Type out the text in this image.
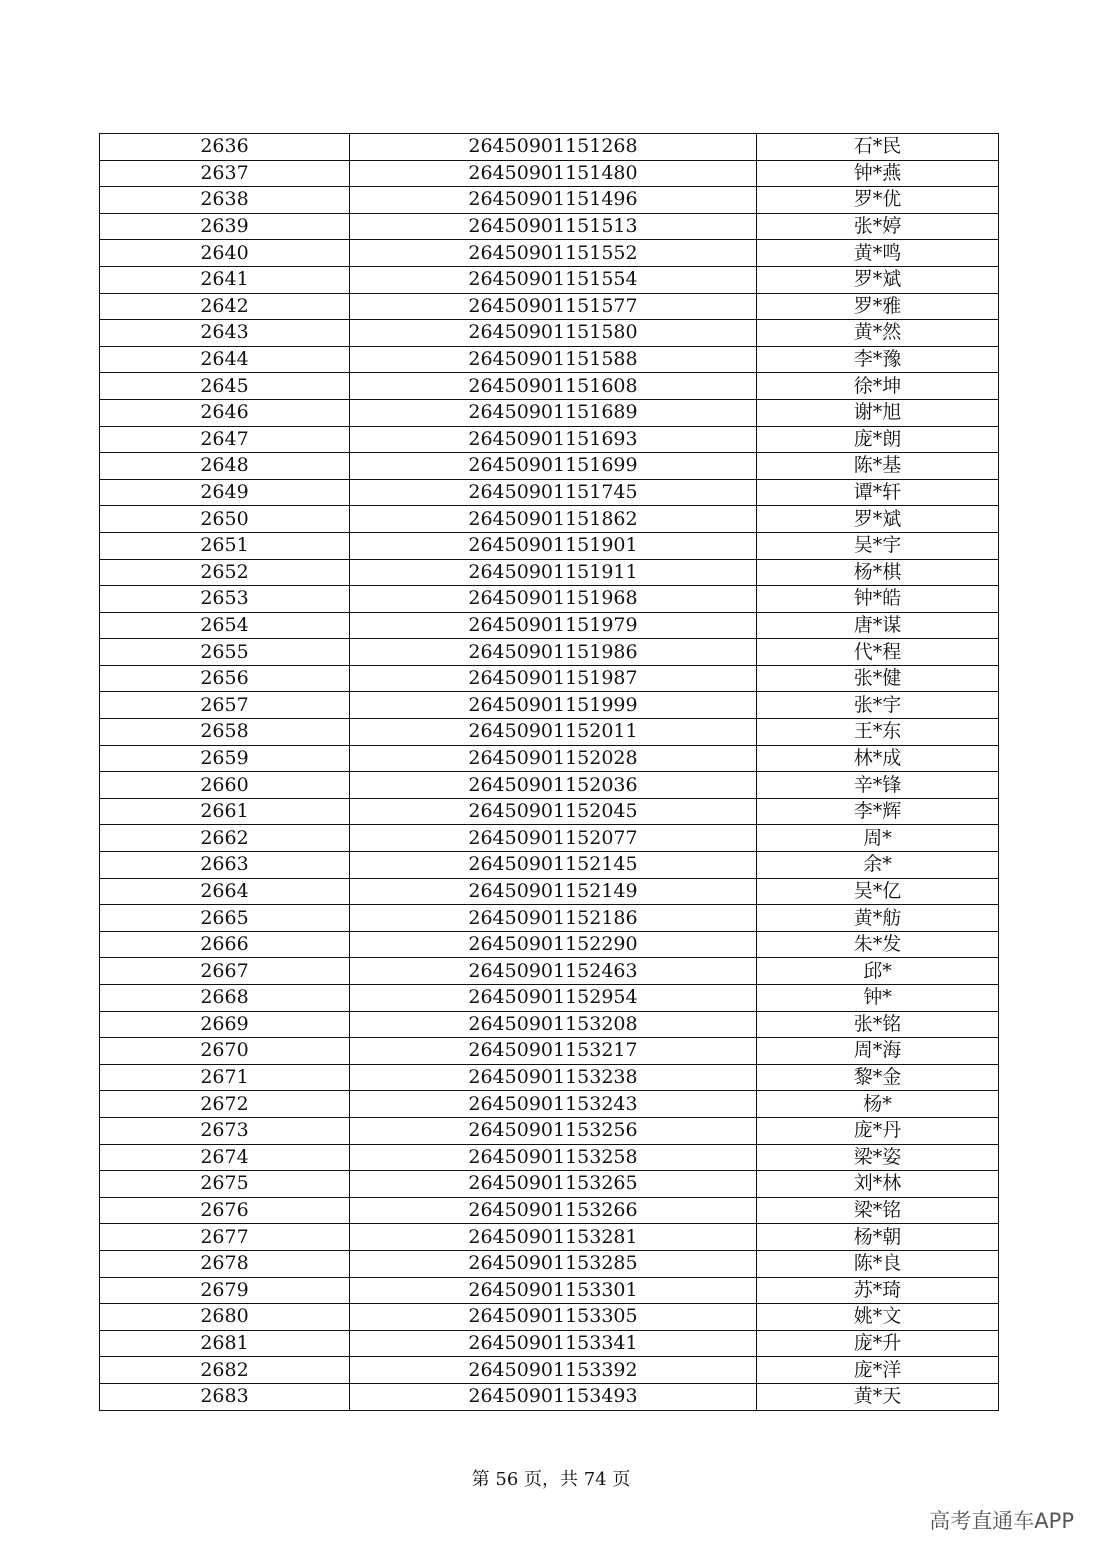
2636	26450901151268	石*民
2637	26450901151480	钟*燕
2638	26450901151496	罗*优
2639	26450901151513	张*婷
2640	26450901151552	黄*鸣
2641	26450901151554	罗*斌
2642	26450901151577	罗*雅
2643	26450901151580	黄*然
2644	26450901151588	李*豫
2645	26450901151608	徐*坤
2646	26450901151689	谢*旭
2647	26450901151693	庞*朗
2648	26450901151699	陈*基
2649	26450901151745	谭*轩
2650	26450901151862	罗*斌
2651	26450901151901	吴*宇
2652	26450901151911	杨*棋
2653	26450901151968	钟*皓
2654	26450901151979	唐*谋
2655	26450901151986	代*程
2656	26450901151987	张*健
2657	26450901151999	张*宇
2658	26450901152011	王*东
2659	26450901152028	林*成
2660	26450901152036	辛*锋
2661	26450901152045	李*辉
2662	26450901152077	周*
2663	26450901152145	余*
2664	26450901152149	吴*亿
2665	26450901152186	黄*舫
2666	26450901152290	朱*发
2667	26450901152463	邱*
2668	26450901152954	钟*
2669	26450901153208	张*铭
2670	26450901153217	周*海
2671	26450901153238	黎*金
2672	26450901153243	杨*
2673	26450901153256	庞*丹
2674	26450901153258	梁*姿
2675	26450901153265	刘*林
2676	26450901153266	梁*铭
2677	26450901153281	杨*朝
2678	26450901153285	陈*良
2679	26450901153301	苏*琦
2680	26450901153305	姚*文
2681	26450901153341	庞*升
2682	26450901153392	庞*洋
2683	26450901153493	黄*天
第 56 页，共 74 页
高考直通车APP
